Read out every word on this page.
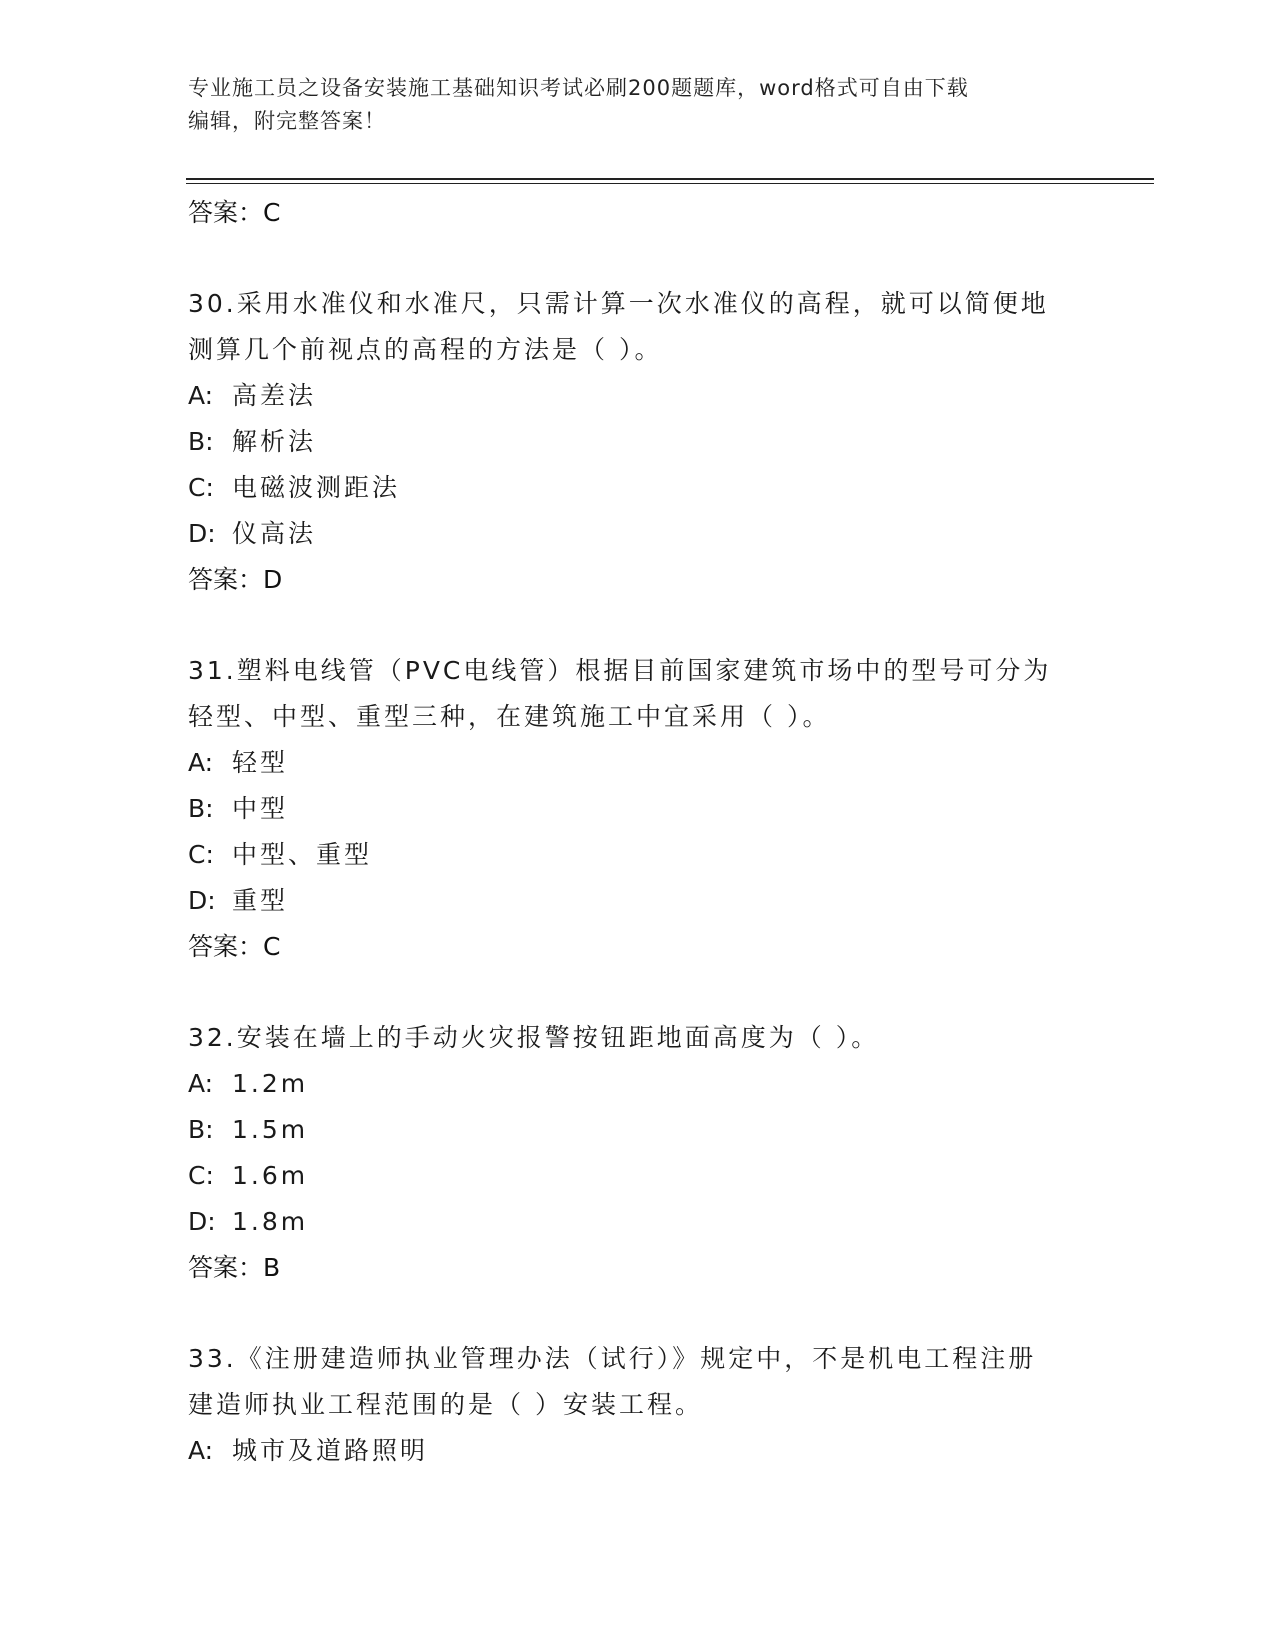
专业施工员之设备安装施工基础知识考试必刷200题题库，word格式可自由下载
编辑，附完整答案！
答案：C
30.采用水准仪和水准尺，只需计算一次水准仪的高程，就可以简便地
测算几个前视点的高程的方法是（ ）。
A: 高差法
B: 解析法
C: 电磁波测距法
D: 仪高法
答案：D
31.塑料电线管（PVC电线管）根据目前国家建筑市场中的型号可分为
轻型、中型、重型三种，在建筑施工中宜采用（ ）。
A: 轻型
B: 中型
C: 中型、重型
D: 重型
答案：C
32.安装在墙上的手动火灾报警按钮距地面高度为（ ）。
A: 1.2m
B: 1.5m
C: 1.6m
D: 1.8m
答案：B
33.《注册建造师执业管理办法（试行）》规定中，不是机电工程注册
建造师执业工程范围的是（ ）安装工程。
A: 城市及道路照明
